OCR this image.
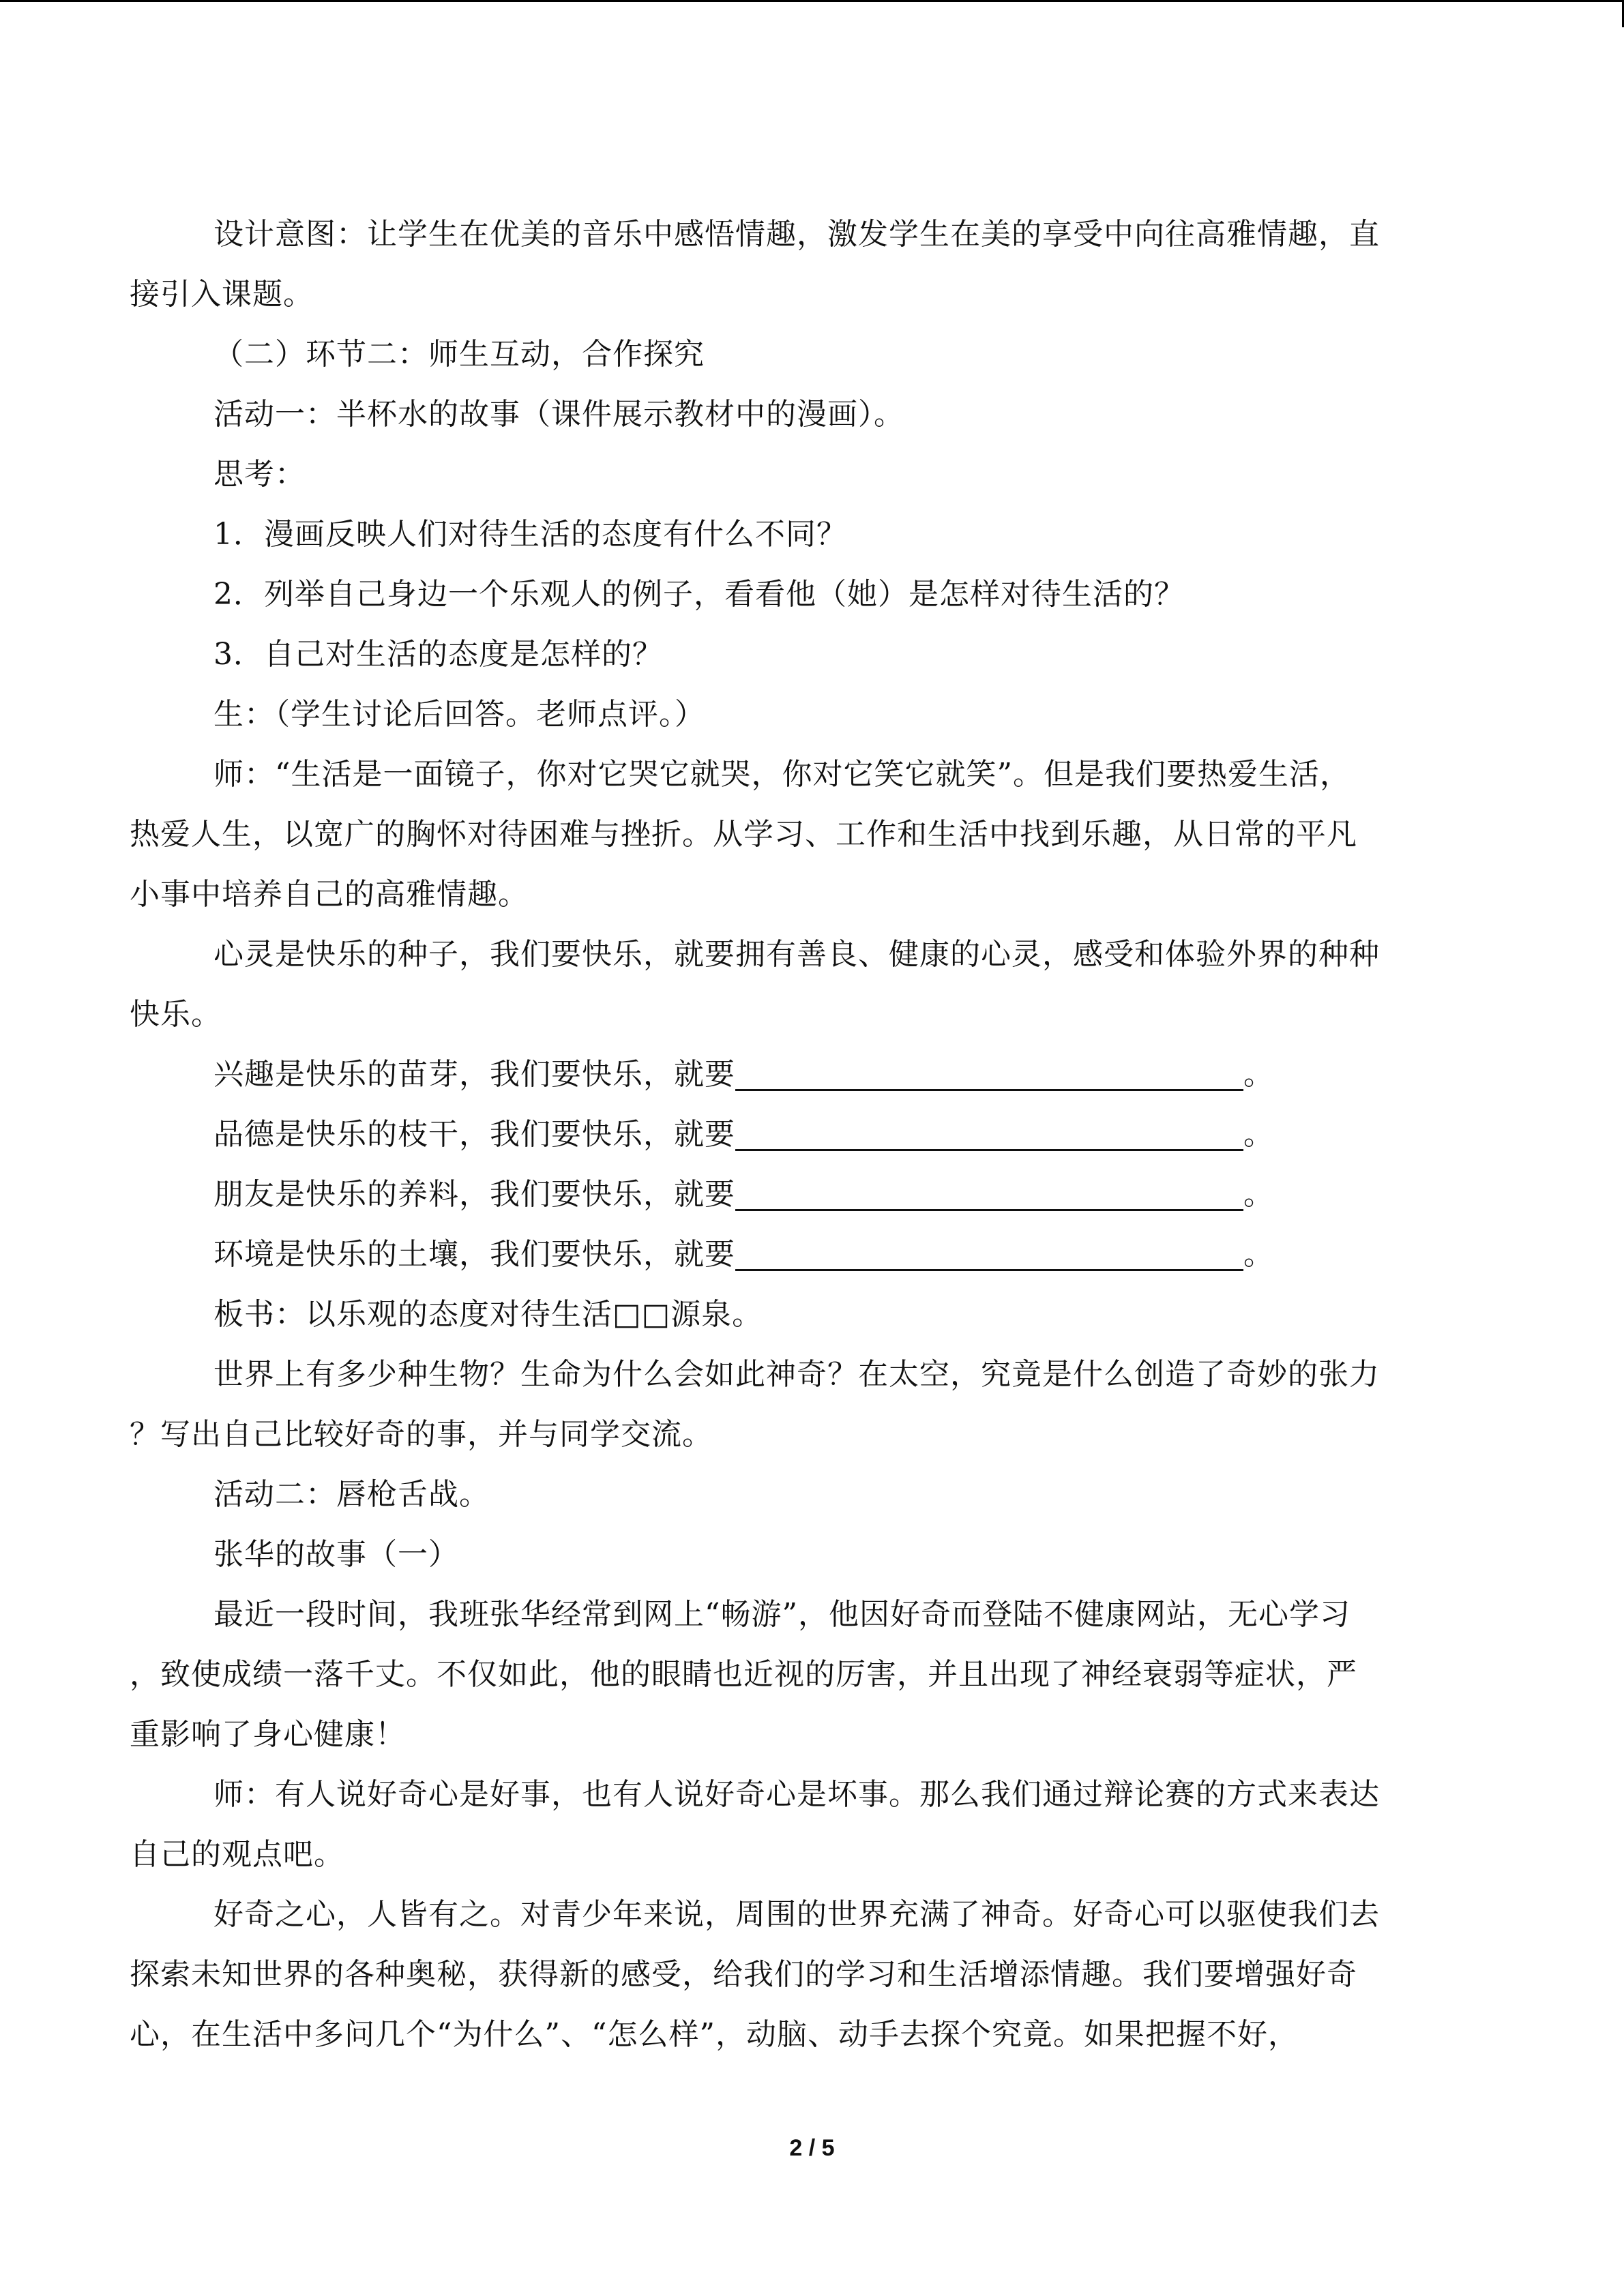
设计意图：让学生在优美的音乐中感悟情趣，激发学生在美的享受中向往高雅情趣，直
接引入课题。
（二）环节二：师生互动，合作探究
活动一：半杯水的故事（课件展示教材中的漫画）。
思考：
1．漫画反映人们对待生活的态度有什么不同？
2．列举自己身边一个乐观人的例子，看看他（她）是怎样对待生活的？
3．自己对生活的态度是怎样的？
生：（学生讨论后回答。老师点评。）
师：“生活是一面镜子，你对它哭它就哭，你对它笑它就笑”。但是我们要热爱生活，
热爱人生，以宽广的胸怀对待困难与挫折。从学习、工作和生活中找到乐趣，从日常的平凡
小事中培养自己的高雅情趣。
心灵是快乐的种子，我们要快乐，就要拥有善良、健康的心灵，感受和体验外界的种种
快乐。
兴趣是快乐的苗芽，我们要快乐，就要	。
品德是快乐的枝干，我们要快乐，就要	。
朋友是快乐的养料，我们要快乐，就要	。
环境是快乐的土壤，我们要快乐，就要	。
板书：以乐观的态度对待生活□□源泉。
世界上有多少种生物？生命为什么会如此神奇？在太空，究竟是什么创造了奇妙的张力
？写出自己比较好奇的事，并与同学交流。
活动二：唇枪舌战。
张华的故事（一）
最近一段时间，我班张华经常到网上“畅游”，他因好奇而登陆不健康网站，无心学习
，致使成绩一落千丈。不仅如此，他的眼睛也近视的厉害，并且出现了神经衰弱等症状，严
重影响了身心健康！
师：有人说好奇心是好事，也有人说好奇心是坏事。那么我们通过辩论赛的方式来表达
自己的观点吧。
好奇之心，人皆有之。对青少年来说，周围的世界充满了神奇。好奇心可以驱使我们去
探索未知世界的各种奥秘，获得新的感受，给我们的学习和生活增添情趣。我们要增强好奇
心，在生活中多问几个“为什么”、“怎么样”，动脑、动手去探个究竟。如果把握不好，
2 / 5
